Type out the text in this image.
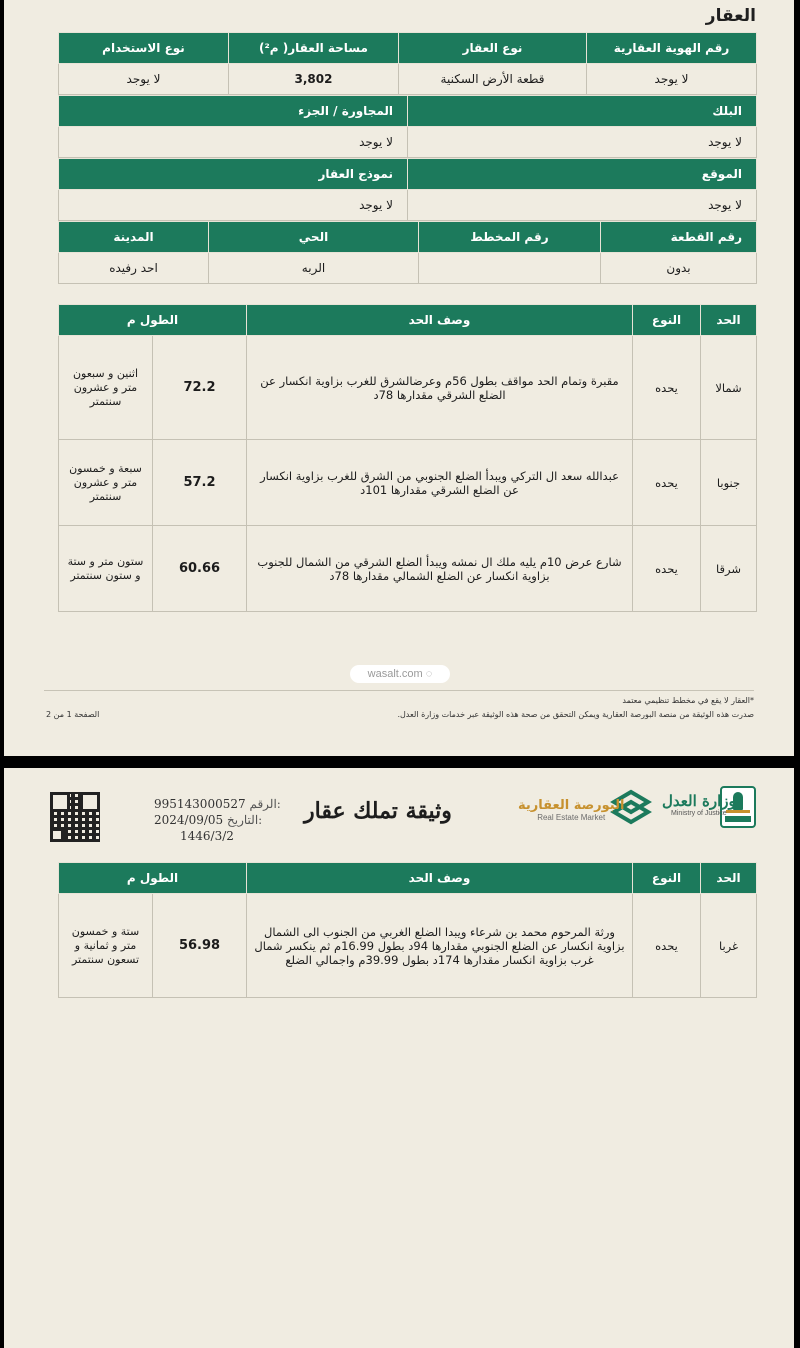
العقار
رقم الهوية العقارية	نوع العقار	مساحة العقار( م²)	نوع الاستخدام
لا يوجد	قطعة الأرض السكنية	3,802	لا يوجد
البلك	المجاورة / الجزء
لا يوجد	لا يوجد
الموقع	نموذج العقار
لا يوجد	لا يوجد
رقم القطعة	رقم المخطط	الحي	المدينة
بدون		الربه	احد رفيده
الحد	النوع	وصف الحد	الطول م	
شمالا	يحده	مقبرة وتمام الحد مواقف بطول 56م وعرضالشرق للغرب بزاوية انكسار عن الضلع الشرقي مقدارها 78د	72.2	اثنين و سبعون متر و عشرون سنتمتر
جنوبا	يحده	عبدالله سعد ال التركي ويبدأ الضلع الجنوبي من الشرق للغرب بزاوية انكسار عن الضلع الشرقي مقدارها 101د	57.2	سبعة و خمسون متر و عشرون سنتمتر
شرقا	يحده	شارع عرض 10م يليه ملك ال نمشه ويبدأ الضلع الشرقي من الشمال للجنوب بزاوية انكسار عن الضلع الشمالي مقدارها 78د	60.66	ستون متر و ستة و ستون سنتمتر
wasalt.com ◌
*العقار لا يقع في مخطط تنظيمي معتمد
صدرت هذه الوثيقة من منصة البورصة العقارية ويمكن التحقق من صحة هذه الوثيقة عبر خدمات وزارة العدل.
الصفحة 1 من 2
وزارة العدل
Ministry of Justice
البورصة العقارية
Real Estate Market
وثيقة تملك عقار
995143000527 الرقم:
2024/09/05 التاريخ:
1446/3/2
الحد	النوع	وصف الحد	الطول م	
غربا	يحده	ورثة المرحوم محمد بن شرعاء ويبدا الضلع الغربي من الجنوب الى الشمال بزاوية انكسار عن الضلع الجنوبي مقدارها 94د بطول 16.99م ثم ينكسر شمال غرب بزاوية انكسار مقدارها 174د بطول 39.99م واجمالي الضلع	56.98	ستة و خمسون متر و ثمانية و تسعون سنتمتر
